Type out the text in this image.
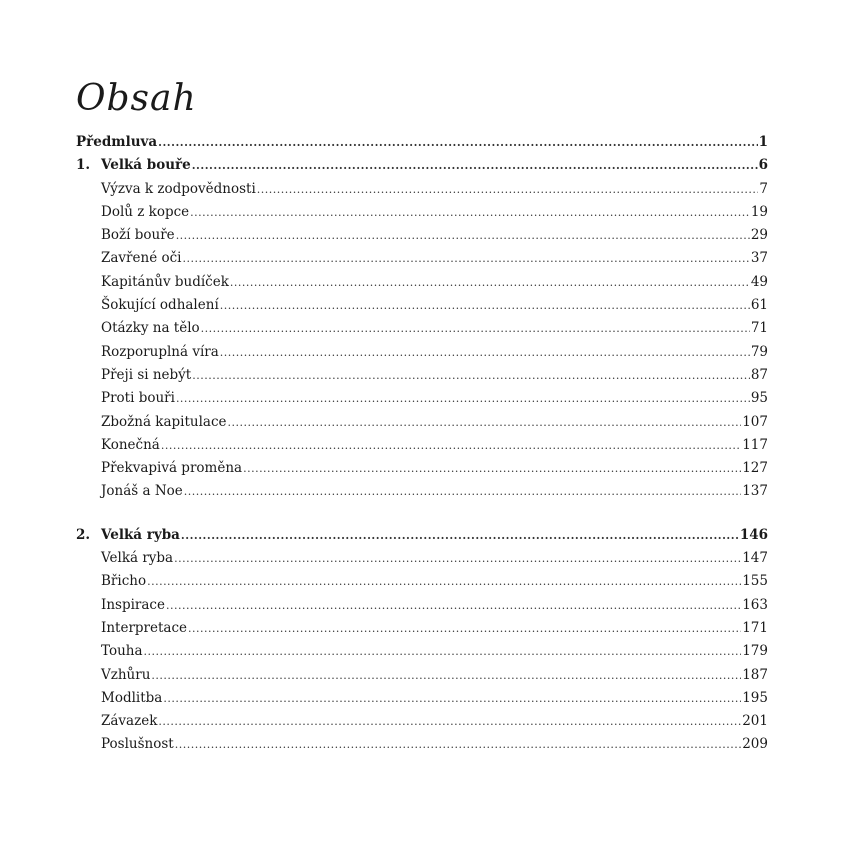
Obsah
Předmluva .....	1
1. Velká bouře .....	6
Výzva k zodpovědnosti .....	7
Dolů z kopce .....	19
Boží bouře .....	29
Zavřené oči .....	37
Kapitánův budíček .....	49
Šokující odhalení .....	61
Otázky na tělo .....	71
Rozporuplná víra .....	79
Přeji si nebýt .....	87
Proti bouři .....	95
Zbožná kapitulace .....	107
Konečná .....	117
Překvapivá proměna .....	127
Jonáš a Noe .....	137
2. Velká ryba .....	146
Velká ryba .....	147
Břicho .....	155
Inspirace .....	163
Interpretace .....	171
Touha .....	179
Vzhůru .....	187
Modlitba .....	195
Závazek .....	201
Poslušnost .....	209
